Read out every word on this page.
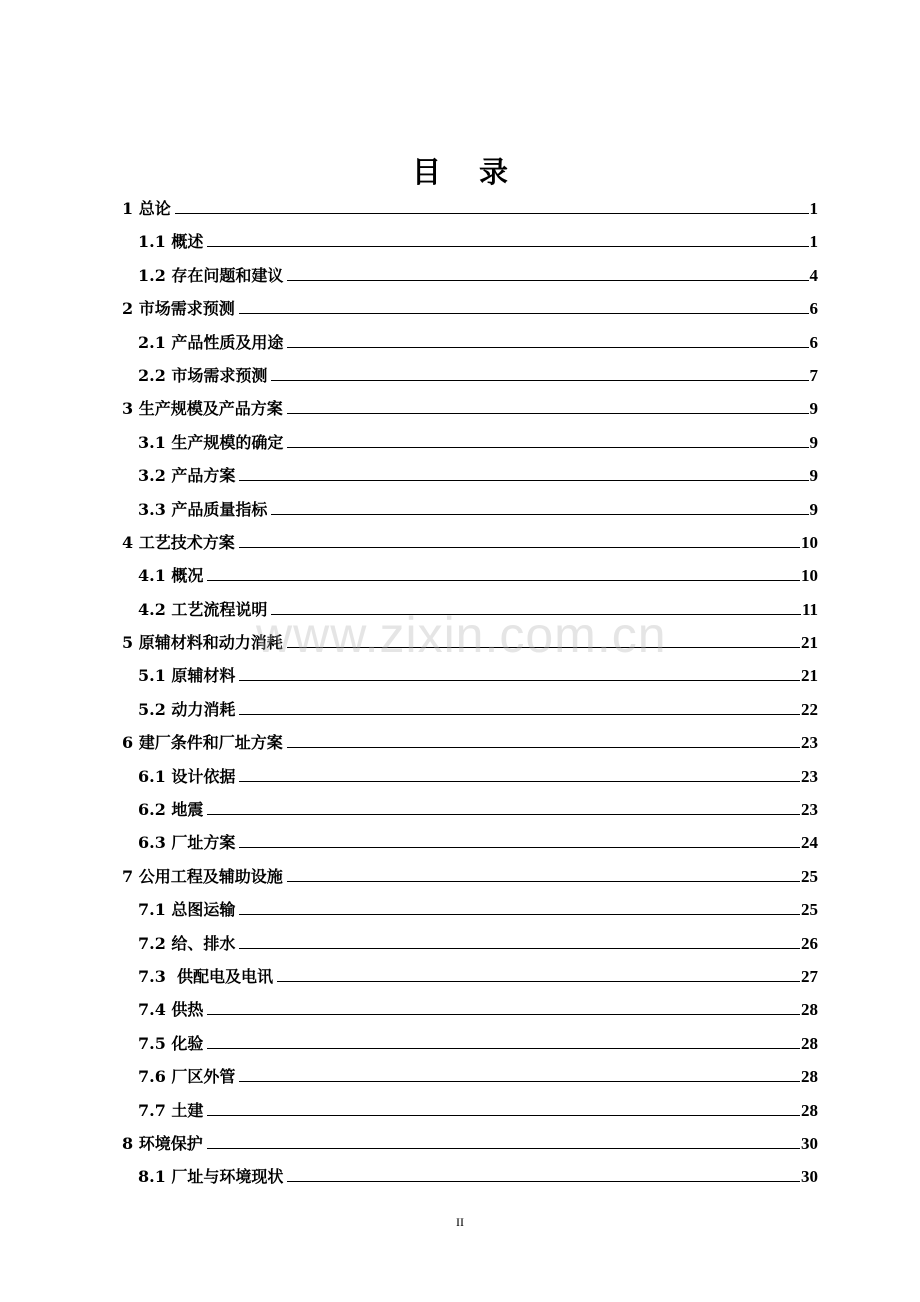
目 录
1 总论	1
1.1 概述	1
1.2 存在问题和建议	4
2 市场需求预测	6
2.1 产品性质及用途	6
2.2 市场需求预测	7
3 生产规模及产品方案	9
3.1 生产规模的确定	9
3.2 产品方案	9
3.3 产品质量指标	9
4 工艺技术方案	10
4.1 概况	10
4.2 工艺流程说明	11
5 原辅材料和动力消耗	21
5.1 原辅材料	21
5.2 动力消耗	22
6 建厂条件和厂址方案	23
6.1 设计依据	23
6.2 地震	23
6.3 厂址方案	24
7 公用工程及辅助设施	25
7.1 总图运输	25
7.2 给、排水	26
7.3  供配电及电讯	27
7.4 供热	28
7.5 化验	28
7.6 厂区外管	28
7.7 土建	28
8 环境保护	30
8.1 厂址与环境现状	30
www.zixin.com.cn
II
